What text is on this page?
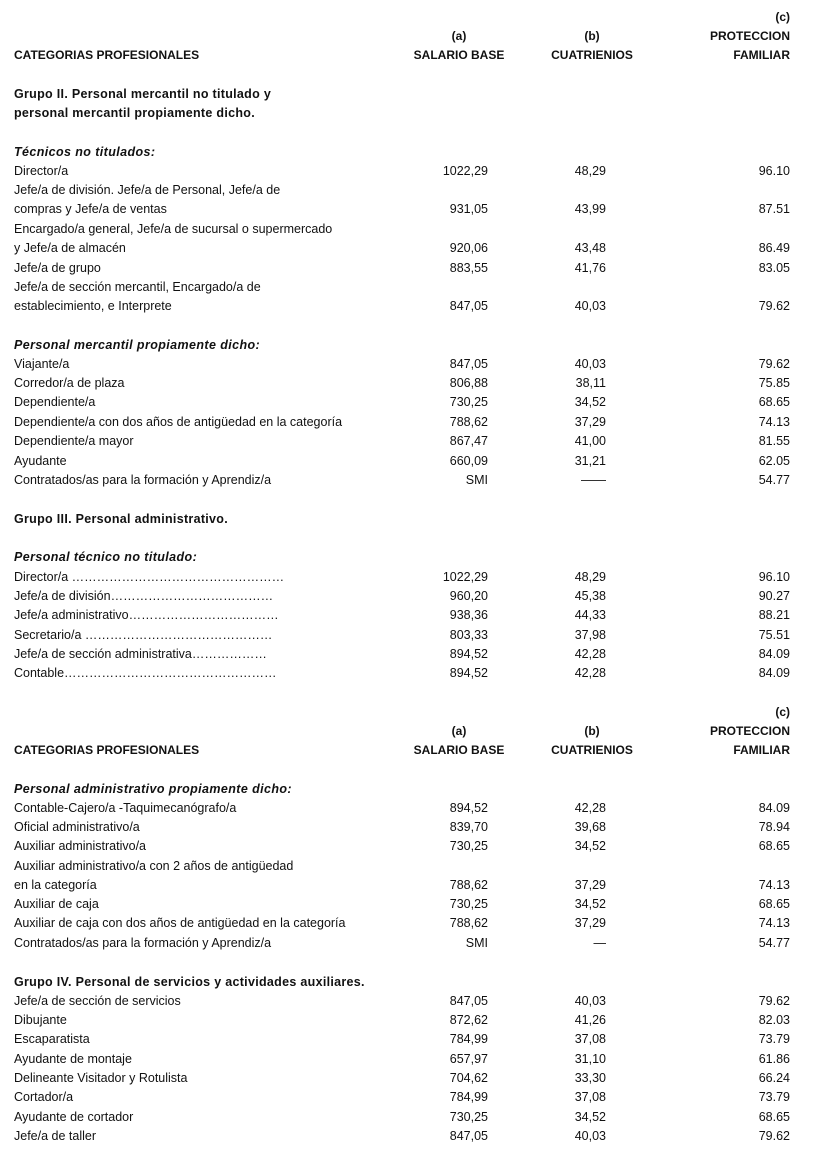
(c)
(a)	(b)	PROTECCION
CATEGORIAS PROFESIONALES	SALARIO BASE	CUATRIENIOS	FAMILIAR
Grupo II. Personal mercantil no titulado y
personal mercantil propiamente dicho.
Técnicos no titulados:
Director/a	1022,29	48,29	96.10
Jefe/a de división. Jefe/a de Personal, Jefe/a de
compras y Jefe/a de ventas	931,05	43,99	87.51
Encargado/a general, Jefe/a de sucursal o supermercado
y Jefe/a de almacén	920,06	43,48	86.49
Jefe/a de grupo	883,55	41,76	83.05
Jefe/a de sección mercantil, Encargado/a de
establecimiento, e Interprete	847,05	40,03	79.62
Personal mercantil propiamente dicho:
Viajante/a	847,05	40,03	79.62
Corredor/a de plaza	806,88	38,11	75.85
Dependiente/a	730,25	34,52	68.65
Dependiente/a con dos años de antigüedad en la categoría	788,62	37,29	74.13
Dependiente/a mayor	867,47	41,00	81.55
Ayudante	660,09	31,21	62.05
Contratados/as para la formación y Aprendiz/a	SMI	——	54.77
Grupo III. Personal administrativo.
Personal técnico no titulado:
Director/a ……………………………………………	1022,29	48,29	96.10
Jefe/a de división…………………………………	960,20	45,38	90.27
Jefe/a administrativo………………………………	938,36	44,33	88.21
Secretario/a ………………………………………	803,33	37,98	75.51
Jefe/a de sección administrativa………………	894,52	42,28	84.09
Contable……………………………………………	894,52	42,28	84.09
(c)
(a)	(b)	PROTECCION
CATEGORIAS PROFESIONALES	SALARIO BASE	CUATRIENIOS	FAMILIAR
Personal administrativo propiamente dicho:
Contable-Cajero/a -Taquimecanógrafo/a	894,52	42,28	84.09
Oficial administrativo/a	839,70	39,68	78.94
Auxiliar administrativo/a	730,25	34,52	68.65
Auxiliar administrativo/a con 2 años de antigüedad
en la categoría	788,62	37,29	74.13
Auxiliar de caja	730,25	34,52	68.65
Auxiliar de caja con dos años de antigüedad en la categoría	788,62	37,29	74.13
Contratados/as para la formación y Aprendiz/a	SMI	—	54.77
Grupo IV. Personal de servicios y actividades auxiliares.
Jefe/a de sección de servicios	847,05	40,03	79.62
Dibujante	872,62	41,26	82.03
Escaparatista	784,99	37,08	73.79
Ayudante de montaje	657,97	31,10	61.86
Delineante Visitador y Rotulista	704,62	33,30	66.24
Cortador/a	784,99	37,08	73.79
Ayudante de cortador	730,25	34,52	68.65
Jefe/a de taller	847,05	40,03	79.62
